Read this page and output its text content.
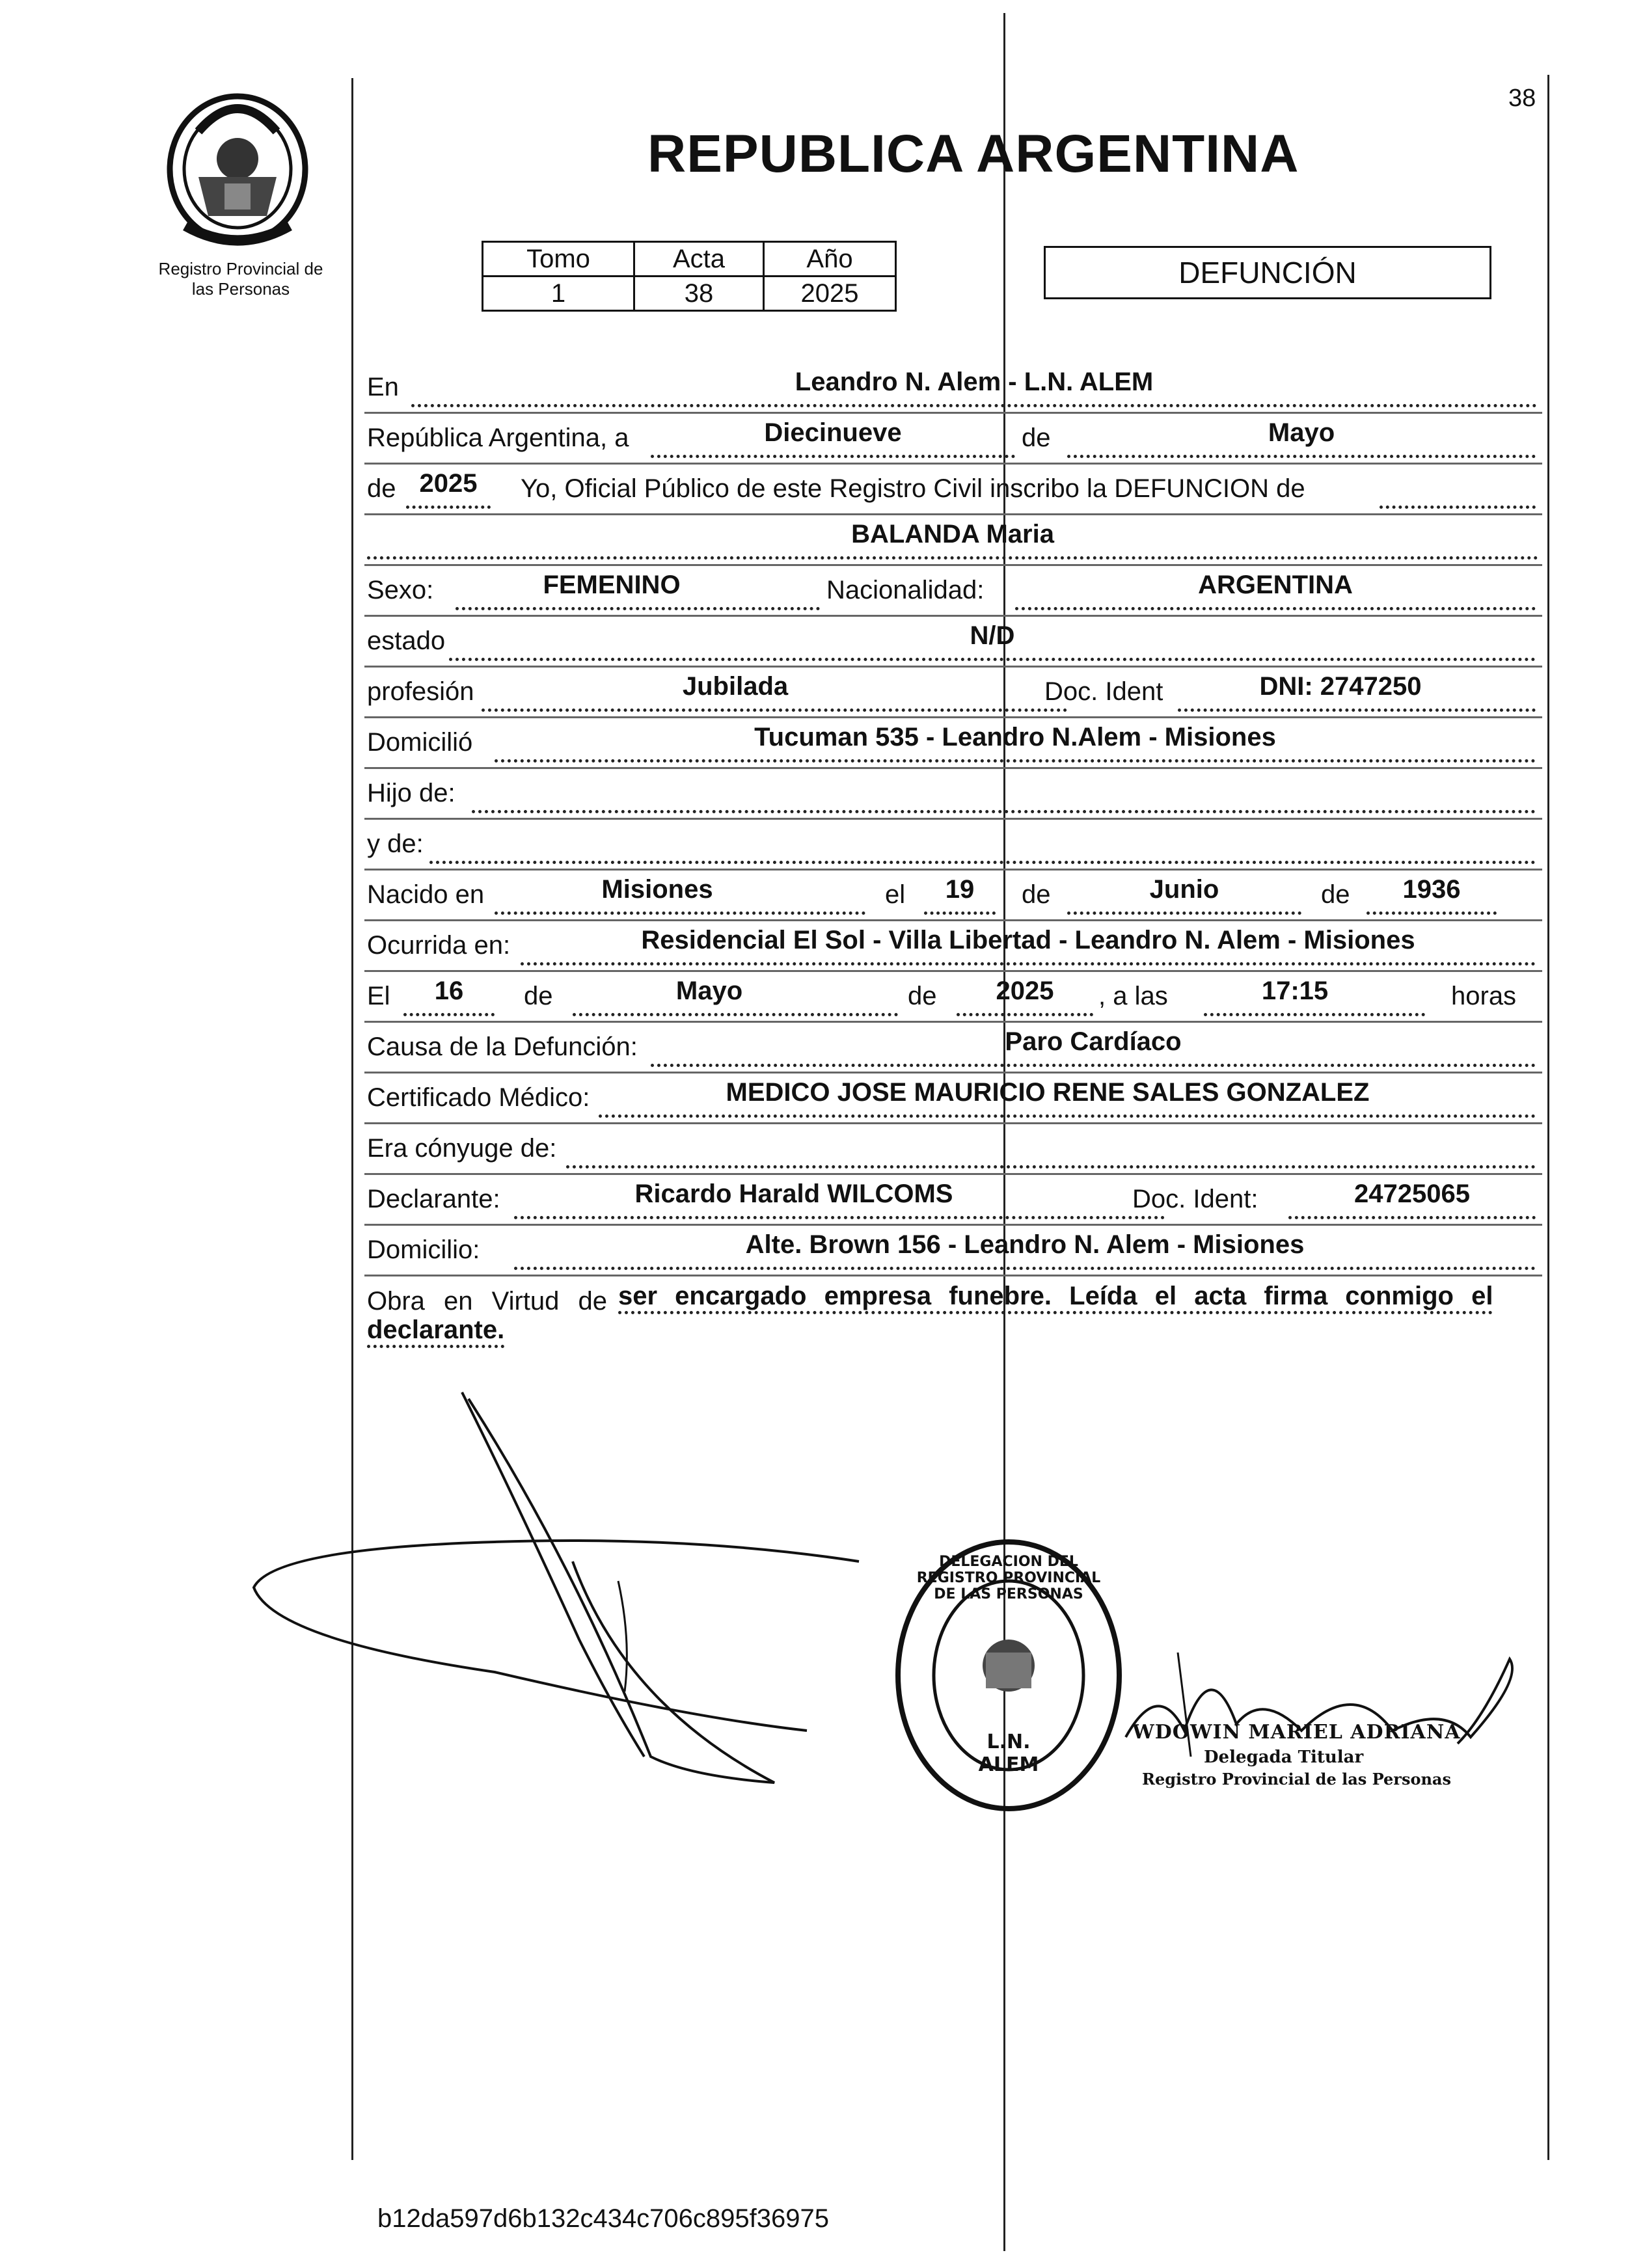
Registro Provincial de
las Personas
38
REPUBLICA ARGENTINA
Tomo	Acta	Año
1	38	2025
DEFUNCIÓN
En	Leandro N. Alem - L.N. ALEM
República Argentina, a	Diecinueve	de	Mayo
de 2025	Yo, Oficial Público de este Registro Civil inscribo la DEFUNCION de
BALANDA Maria
Sexo:	FEMENINO	Nacionalidad:	ARGENTINA
estado	N/D
profesión	Jubilada	Doc. Ident	DNI: 2747250
Domicilió	Tucuman 535 - Leandro N.Alem - Misiones
Hijo de:
y de:
Nacido en	Misiones	el	19	de	Junio	de	1936
Ocurrida en:	Residencial El Sol - Villa Libertad - Leandro N. Alem - Misiones
El	16	de	Mayo	de	2025	, a las	17:15	horas
Causa de la Defunción:	Paro Cardíaco
Certificado Médico:	MEDICO JOSE MAURICIO RENE SALES GONZALEZ
Era cónyuge de:
Declarante:	Ricardo Harald WILCOMS	Doc. Ident:	24725065
Domicilio:	Alte. Brown 156 - Leandro N. Alem - Misiones
Obra en Virtud de ser encargado empresa funebre. Leída el acta firma conmigo el
declarante.
DELEGACION DEL REGISTRO PROVINCIAL DE LAS PERSONAS
L.N. ALEM
WDOWIN MARIEL ADRIANA
Delegada Titular
Registro Provincial de las Personas
b12da597d6b132c434c706c895f36975
